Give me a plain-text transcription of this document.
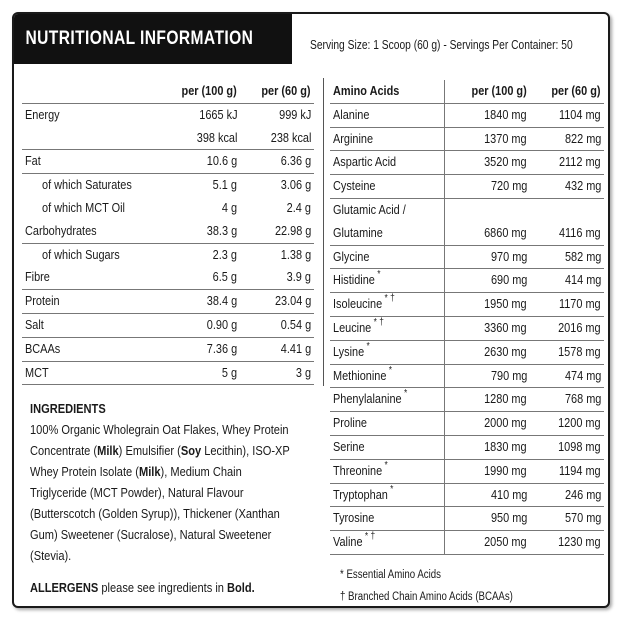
NUTRITIONAL INFORMATION	Serving Size: 1 Scoop (60 g) - Servings Per Container: 50
	per (100 g)	per (60 g)
Energy	1665 kJ	999 kJ
	398 kcal	238 kcal
Fat	10.6 g	6.36 g
of which Saturates	5.1 g	3.06 g
of which MCT Oil	4 g	2.4 g
Carbohydrates	38.3 g	22.98 g
of which Sugars	2.3 g	1.38 g
Fibre	6.5 g	3.9 g
Protein	38.4 g	23.04 g
Salt	0.90 g	0.54 g
BCAAs	7.36 g	4.41 g
MCT	5 g	3 g
Amino Acids	per (100 g)	per (60 g)
Alanine	1840 mg	1104 mg
Arginine	1370 mg	822 mg
Aspartic Acid	3520 mg	2112 mg
Cysteine	720 mg	432 mg
Glutamic Acid /		
Glutamine	6860 mg	4116 mg
Glycine	970 mg	582 mg
Histidine *	690 mg	414 mg
Isoleucine * †	1950 mg	1170 mg
Leucine * †	3360 mg	2016 mg
Lysine *	2630 mg	1578 mg
Methionine *	790 mg	474 mg
Phenylalanine *	1280 mg	768 mg
Proline	2000 mg	1200 mg
Serine	1830 mg	1098 mg
Threonine *	1990 mg	1194 mg
Tryptophan *	410 mg	246 mg
Tyrosine	950 mg	570 mg
Valine * †	2050 mg	1230 mg
INGREDIENTS
100% Organic Wholegrain Oat Flakes, Whey Protein Concentrate (Milk) Emulsifier (Soy Lecithin), ISO-XP Whey Protein Isolate (Milk), Medium Chain Triglyceride (MCT Powder), Natural Flavour (Butterscotch (Golden Syrup)), Thickener (Xanthan Gum) Sweetener (Sucralose), Natural Sweetener (Stevia).
ALLERGENS please see ingredients in Bold.
* Essential Amino Acids
† Branched Chain Amino Acids (BCAAs)
